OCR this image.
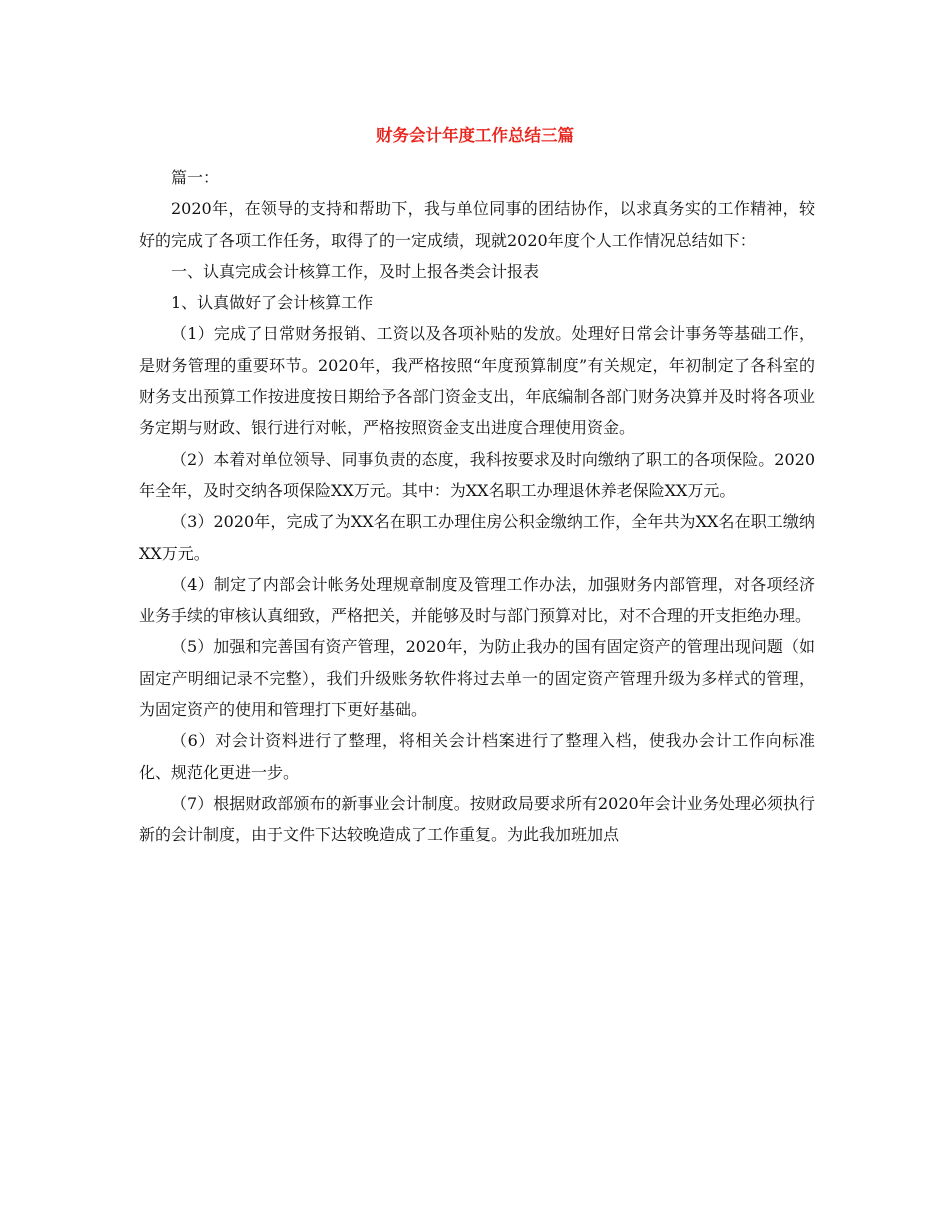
财务会计年度工作总结三篇

篇一：

2020年，在领导的支持和帮助下，我与单位同事的团结协作，以求真务实的工作精神，较好的完成了各项工作任务，取得了的一定成绩，现就2020年度个人工作情况总结如下：

一、认真完成会计核算工作，及时上报各类会计报表

1、认真做好了会计核算工作

（1）完成了日常财务报销、工资以及各项补贴的发放。处理好日常会计事务等基础工作，是财务管理的重要环节。2020年，我严格按照“年度预算制度”有关规定，年初制定了各科室的财务支出预算工作按进度按日期给予各部门资金支出，年底编制各部门财务决算并及时将各项业务定期与财政、银行进行对帐，严格按照资金支出进度合理使用资金。

（2）本着对单位领导、同事负责的态度，我科按要求及时向缴纳了职工的各项保险。2020年全年，及时交纳各项保险XX万元。其中：为XX名职工办理退休养老保险XX万元。

（3）2020年，完成了为XX名在职工办理住房公积金缴纳工作，全年共为XX名在职工缴纳XX万元。

（4）制定了内部会计帐务处理规章制度及管理工作办法，加强财务内部管理，对各项经济业务手续的审核认真细致，严格把关，并能够及时与部门预算对比，对不合理的开支拒绝办理。

（5）加强和完善国有资产管理，2020年，为防止我办的国有固定资产的管理出现问题（如固定产明细记录不完整），我们升级账务软件将过去单一的固定资产管理升级为多样式的管理，为固定资产的使用和管理打下更好基础。

（6）对会计资料进行了整理，将相关会计档案进行了整理入档，使我办会计工作向标准化、规范化更进一步。

（7）根据财政部颁布的新事业会计制度。按财政局要求所有2020年会计业务处理必须执行新的会计制度，由于文件下达较晚造成了工作重复。为此我加班加点
